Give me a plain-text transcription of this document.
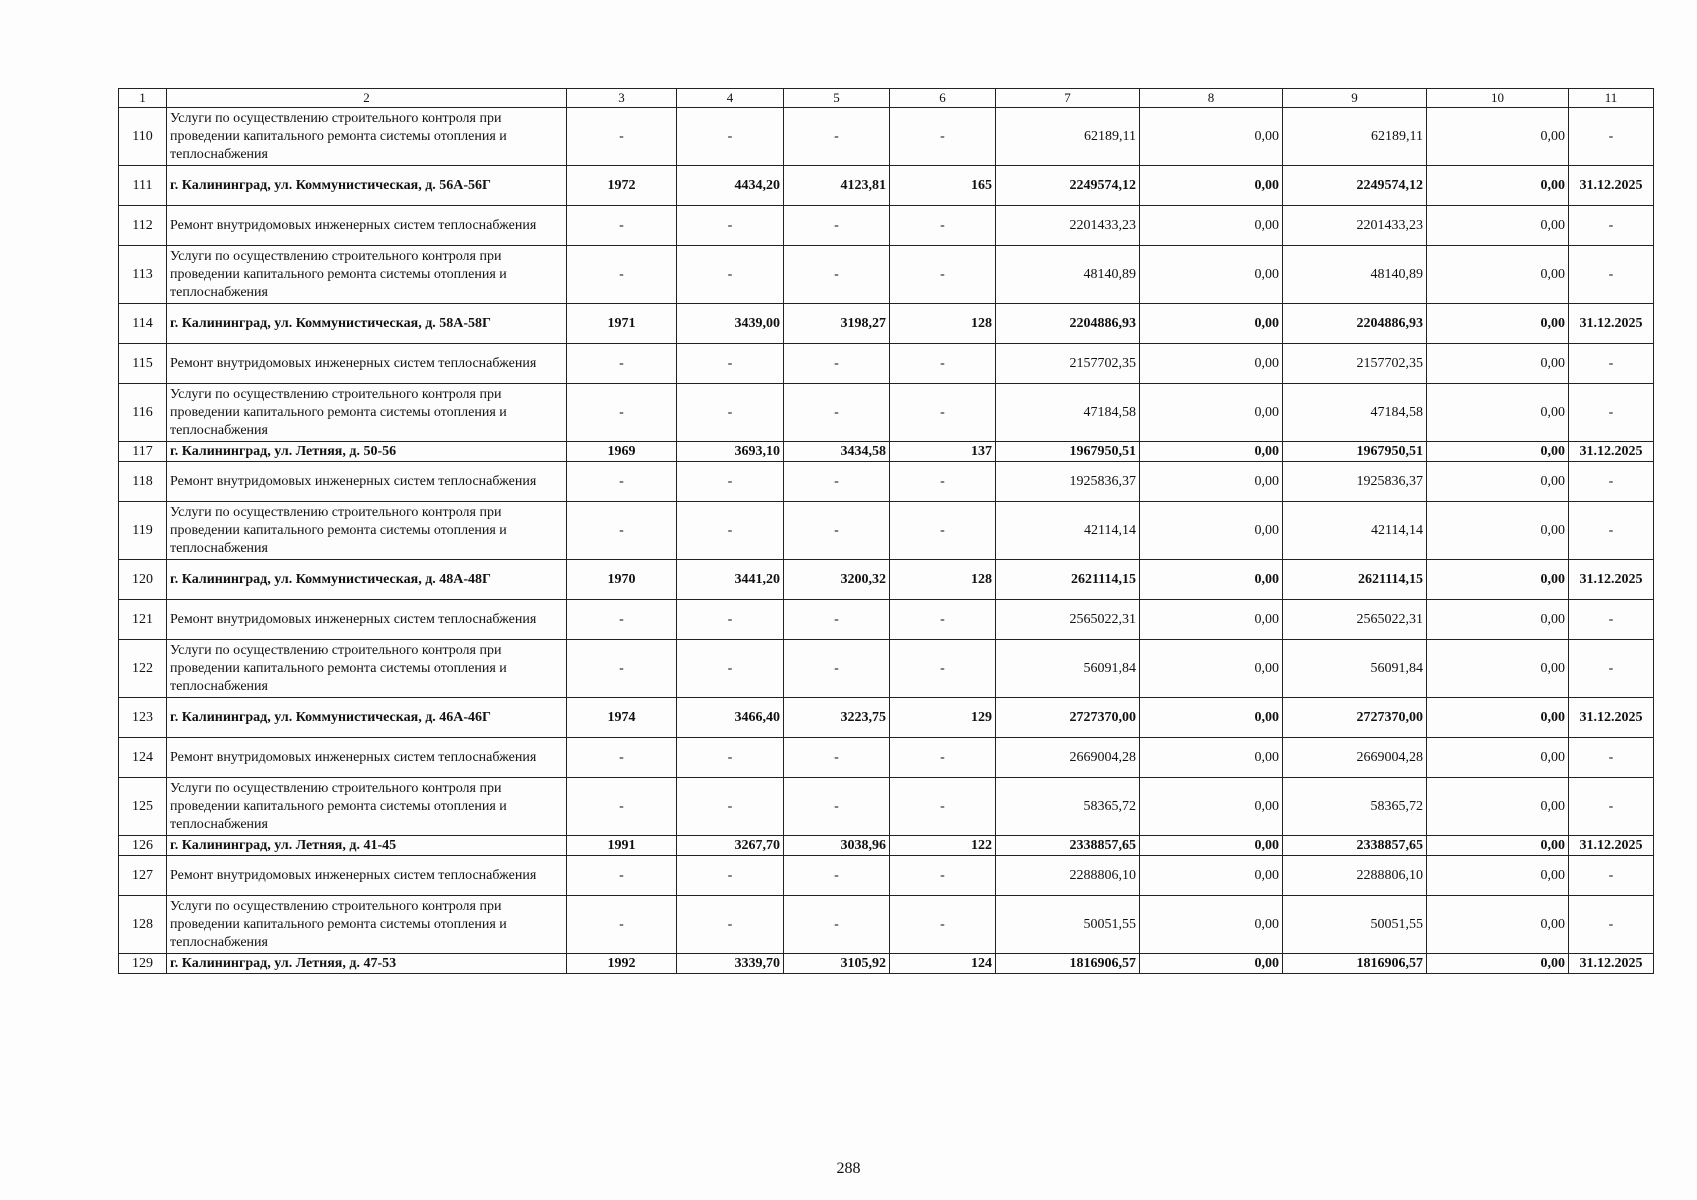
1	2	3	4	5	6	7	8	9	10	11
110	Услуги по осуществлению строительного контроля при проведении капитального ремонта системы отопления и теплоснабжения	-	-	-	-	62189,11	0,00	62189,11	0,00	-
111	г. Калининград, ул. Коммунистическая, д. 56А-56Г	1972	4434,20	4123,81	165	2249574,12	0,00	2249574,12	0,00	31.12.2025
112	Ремонт внутридомовых инженерных систем теплоснабжения	-	-	-	-	2201433,23	0,00	2201433,23	0,00	-
113	Услуги по осуществлению строительного контроля при проведении капитального ремонта системы отопления и теплоснабжения	-	-	-	-	48140,89	0,00	48140,89	0,00	-
114	г. Калининград, ул. Коммунистическая, д. 58А-58Г	1971	3439,00	3198,27	128	2204886,93	0,00	2204886,93	0,00	31.12.2025
115	Ремонт внутридомовых инженерных систем теплоснабжения	-	-	-	-	2157702,35	0,00	2157702,35	0,00	-
116	Услуги по осуществлению строительного контроля при проведении капитального ремонта системы отопления и теплоснабжения	-	-	-	-	47184,58	0,00	47184,58	0,00	-
117	г. Калининград, ул. Летняя, д. 50-56	1969	3693,10	3434,58	137	1967950,51	0,00	1967950,51	0,00	31.12.2025
118	Ремонт внутридомовых инженерных систем теплоснабжения	-	-	-	-	1925836,37	0,00	1925836,37	0,00	-
119	Услуги по осуществлению строительного контроля при проведении капитального ремонта системы отопления и теплоснабжения	-	-	-	-	42114,14	0,00	42114,14	0,00	-
120	г. Калининград, ул. Коммунистическая, д. 48А-48Г	1970	3441,20	3200,32	128	2621114,15	0,00	2621114,15	0,00	31.12.2025
121	Ремонт внутридомовых инженерных систем теплоснабжения	-	-	-	-	2565022,31	0,00	2565022,31	0,00	-
122	Услуги по осуществлению строительного контроля при проведении капитального ремонта системы отопления и теплоснабжения	-	-	-	-	56091,84	0,00	56091,84	0,00	-
123	г. Калининград, ул. Коммунистическая, д. 46А-46Г	1974	3466,40	3223,75	129	2727370,00	0,00	2727370,00	0,00	31.12.2025
124	Ремонт внутридомовых инженерных систем теплоснабжения	-	-	-	-	2669004,28	0,00	2669004,28	0,00	-
125	Услуги по осуществлению строительного контроля при проведении капитального ремонта системы отопления и теплоснабжения	-	-	-	-	58365,72	0,00	58365,72	0,00	-
126	г. Калининград, ул. Летняя, д. 41-45	1991	3267,70	3038,96	122	2338857,65	0,00	2338857,65	0,00	31.12.2025
127	Ремонт внутридомовых инженерных систем теплоснабжения	-	-	-	-	2288806,10	0,00	2288806,10	0,00	-
128	Услуги по осуществлению строительного контроля при проведении капитального ремонта системы отопления и теплоснабжения	-	-	-	-	50051,55	0,00	50051,55	0,00	-
129	г. Калининград, ул. Летняя, д. 47-53	1992	3339,70	3105,92	124	1816906,57	0,00	1816906,57	0,00	31.12.2025
288
